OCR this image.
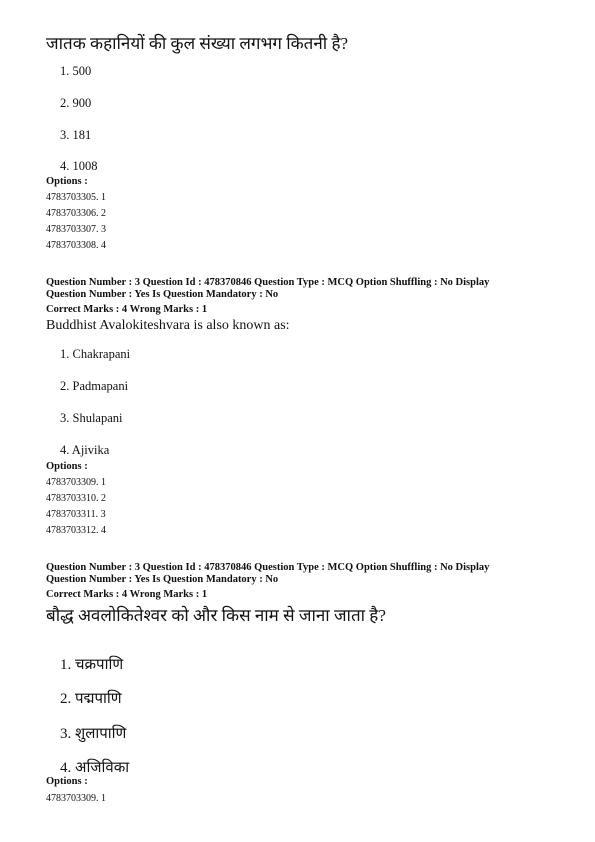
जातक कहानियों की कुल संख्या लगभग कितनी है?
1. 500
2. 900
3. 181
4. 1008
Options :
4783703305. 1
4783703306. 2
4783703307. 3
4783703308. 4
Question Number : 3 Question Id : 478370846 Question Type : MCQ Option Shuffling : No Display
Question Number : Yes Is Question Mandatory : No
Correct Marks : 4 Wrong Marks : 1
Buddhist Avalokiteshvara is also known as:
1. Chakrapani
2. Padmapani
3. Shulapani
4. Ajivika
Options :
4783703309. 1
4783703310. 2
4783703311. 3
4783703312. 4
Question Number : 3 Question Id : 478370846 Question Type : MCQ Option Shuffling : No Display
Question Number : Yes Is Question Mandatory : No
Correct Marks : 4 Wrong Marks : 1
बौद्ध अवलोकितेश्वर को और किस नाम से जाना जाता है?
1. चक्रपाणि
2. पद्मपाणि
3. शुलापाणि
4. अजिविका
Options :
4783703309. 1
